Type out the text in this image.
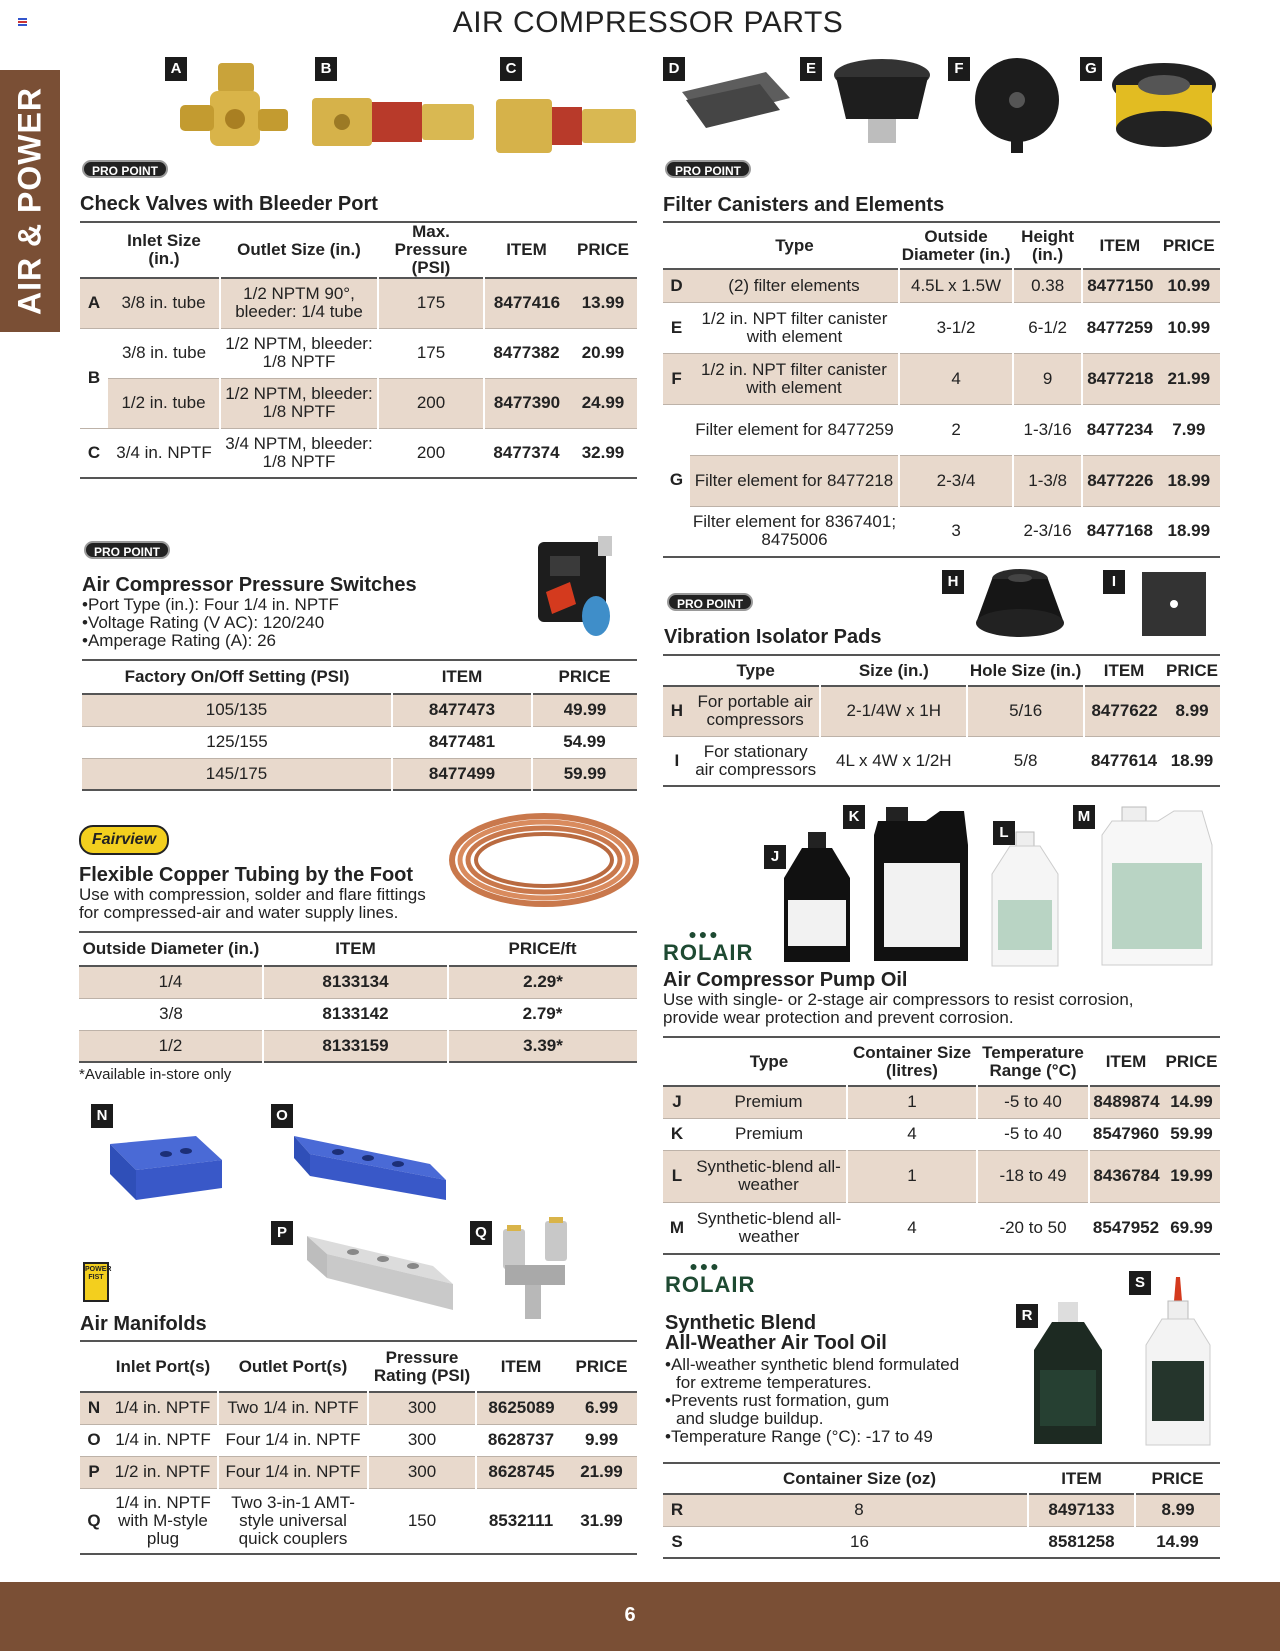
AIR COMPRESSOR PARTS
AIR & POWER
6
A	B	C
PRO POINT
Check Valves with Bleeder Port
	Inlet Size (in.)	Outlet Size (in.)	Max. Pressure (PSI)	ITEM	PRICE
A	3/8 in. tube	1/2 NPTM 90°, bleeder: 1/4 tube	175	8477416	13.99
B	3/8 in. tube	1/2 NPTM, bleeder: 1/8 NPTF	175	8477382	20.99
	1/2 in. tube	1/2 NPTM, bleeder: 1/8 NPTF	200	8477390	24.99
C	3/4 in. NPTF	3/4 NPTM, bleeder: 1/8 NPTF	200	8477374	32.99
D	E	F	G
PRO POINT
Filter Canisters and Elements
	Type	Outside Diameter (in.)	Height (in.)	ITEM	PRICE
D	(2) filter elements	4.5L x 1.5W	0.38	8477150	10.99
E	1/2 in. NPT filter canister with element	3-1/2	6-1/2	8477259	10.99
F	1/2 in. NPT filter canister with element	4	9	8477218	21.99
G	Filter element for 8477259	2	1-3/16	8477234	7.99
	Filter element for 8477218	2-3/4	1-3/8	8477226	18.99
	Filter element for 8367401; 8475006	3	2-3/16	8477168	18.99
PRO POINT
Air Compressor Pressure Switches
•Port Type (in.): Four 1/4 in. NPTF
•Voltage Rating (V AC): 120/240
•Amperage Rating (A): 26
Factory On/Off Setting (PSI)	ITEM	PRICE
105/135	8477473	49.99
125/155	8477481	54.99
145/175	8477499	59.99
H	I
PRO POINT
Vibration Isolator Pads
	Type	Size (in.)	Hole Size (in.)	ITEM	PRICE
H	For portable air compressors	2-1/4W x 1H	5/16	8477622	8.99
I	For stationary air compressors	4L x 4W x 1/2H	5/8	8477614	18.99
Fairview
Flexible Copper Tubing by the Foot
Use with compression, solder and flare fittings
for compressed-air and water supply lines.
Outside Diameter (in.)	ITEM	PRICE/ft
1/4	8133134	2.29*
3/8	8133142	2.79*
1/2	8133159	3.39*
*Available in-store only
K	M
L
J
●●●
ROLAIR
Air Compressor Pump Oil
Use with single- or 2-stage air compressors to resist corrosion,
provide wear protection and prevent corrosion.
	Type	Container Size (litres)	Temperature Range (°C)	ITEM	PRICE
J	Premium	1	-5 to 40	8489874	14.99
K	Premium	4	-5 to 40	8547960	59.99
L	Synthetic-blend all-weather	1	-18 to 49	8436784	19.99
M	Synthetic-blend all-weather	4	-20 to 50	8547952	69.99
N	O
P	Q
POWER FIST
Air Manifolds
	Inlet Port(s)	Outlet Port(s)	Pressure Rating (PSI)	ITEM	PRICE
N	1/4 in. NPTF	Two 1/4 in. NPTF	300	8625089	6.99
O	1/4 in. NPTF	Four 1/4 in. NPTF	300	8628737	9.99
P	1/2 in. NPTF	Four 1/4 in. NPTF	300	8628745	21.99
Q	1/4 in. NPTF with M-style plug	Two 3-in-1 AMT-style universal quick couplers	150	8532111	31.99
●●●
ROLAIR	S
R
Synthetic Blend
All-Weather Air Tool Oil
•All-weather synthetic blend formulated
for extreme temperatures.
•Prevents rust formation, gum
and sludge buildup.
•Temperature Range (°C): -17 to 49
	Container Size (oz)	ITEM	PRICE
R	8	8497133	8.99
S	16	8581258	14.99
